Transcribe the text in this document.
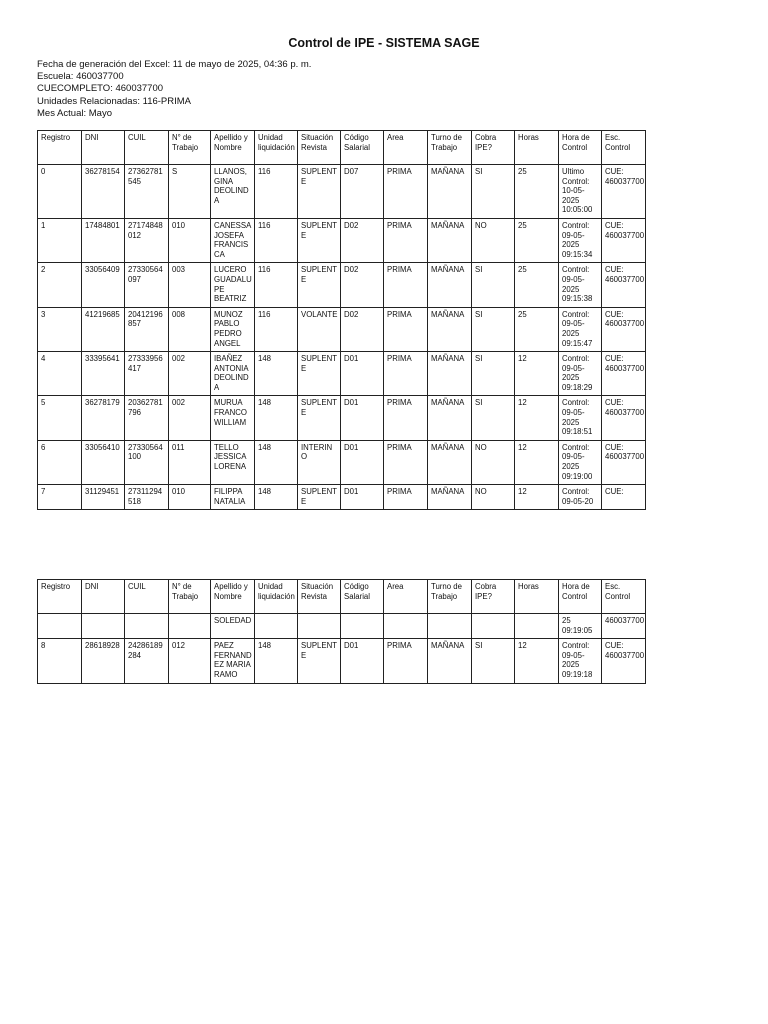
Control de IPE - SISTEMA SAGE
Fecha de generación del Excel: 11 de mayo de 2025, 04:36 p. m.
Escuela: 460037700
CUECOMPLETO: 460037700
Unidades Relacionadas: 116-PRIMA
Mes Actual: Mayo
Registro	DNI	CUIL	N° de Trabajo	Apellido y Nombre	Unidad liquidación	Situación Revista	Código Salarial	Area	Turno de Trabajo	Cobra IPE?	Horas	Hora de Control	Esc. Control
0	36278154	27362781545	S	LLANOS, GINA DEOLINDA	116	SUPLENTE	D07	PRIMA	MAÑANA	SI	25	Ultimo Control: 10-05-2025 10:05:00	CUE:
460037700
1	17484801	27174848012	010	CANESSA JOSEFA FRANCISCA	116	SUPLENTE	D02	PRIMA	MAÑANA	NO	25	Control: 09-05-2025 09:15:34	CUE:
460037700
2	33056409	27330564097	003	LUCERO GUADALUPE BEATRIZ	116	SUPLENTE	D02	PRIMA	MAÑANA	SI	25	Control: 09-05-2025 09:15:38	CUE:
460037700
3	41219685	20412196857	008	MUNOZ PABLO PEDRO ANGEL	116	VOLANTE	D02	PRIMA	MAÑANA	SI	25	Control: 09-05-2025 09:15:47	CUE:
460037700
4	33395641	27333956417	002	IBAÑEZ ANTONIA DEOLINDA	148	SUPLENTE	D01	PRIMA	MAÑANA	SI	12	Control: 09-05-2025 09:18:29	CUE:
460037700
5	36278179	20362781796	002	MURUA FRANCO WILLIAM	148	SUPLENTE	D01	PRIMA	MAÑANA	SI	12	Control: 09-05-2025 09:18:51	CUE:
460037700
6	33056410	27330564100	011	TELLO JESSICA LORENA	148	INTERINO	D01	PRIMA	MAÑANA	NO	12	Control: 09-05-2025 09:19:00	CUE:
460037700
7	31129451	27311294518	010	FILIPPA NATALIA	148	SUPLENTE	D01	PRIMA	MAÑANA	NO	12	Control: 09-05-20	CUE:
Registro	DNI	CUIL	N° de Trabajo	Apellido y Nombre	Unidad liquidación	Situación Revista	Código Salarial	Area	Turno de Trabajo	Cobra IPE?	Horas	Hora de Control	Esc. Control
				SOLEDAD								25 09:19:05	460037700
8	28618928	24286189284	012	PAEZ FERNANDEZ MARIA RAMO	148	SUPLENTE	D01	PRIMA	MAÑANA	SI	12	Control: 09-05-2025 09:19:18	CUE:
460037700
